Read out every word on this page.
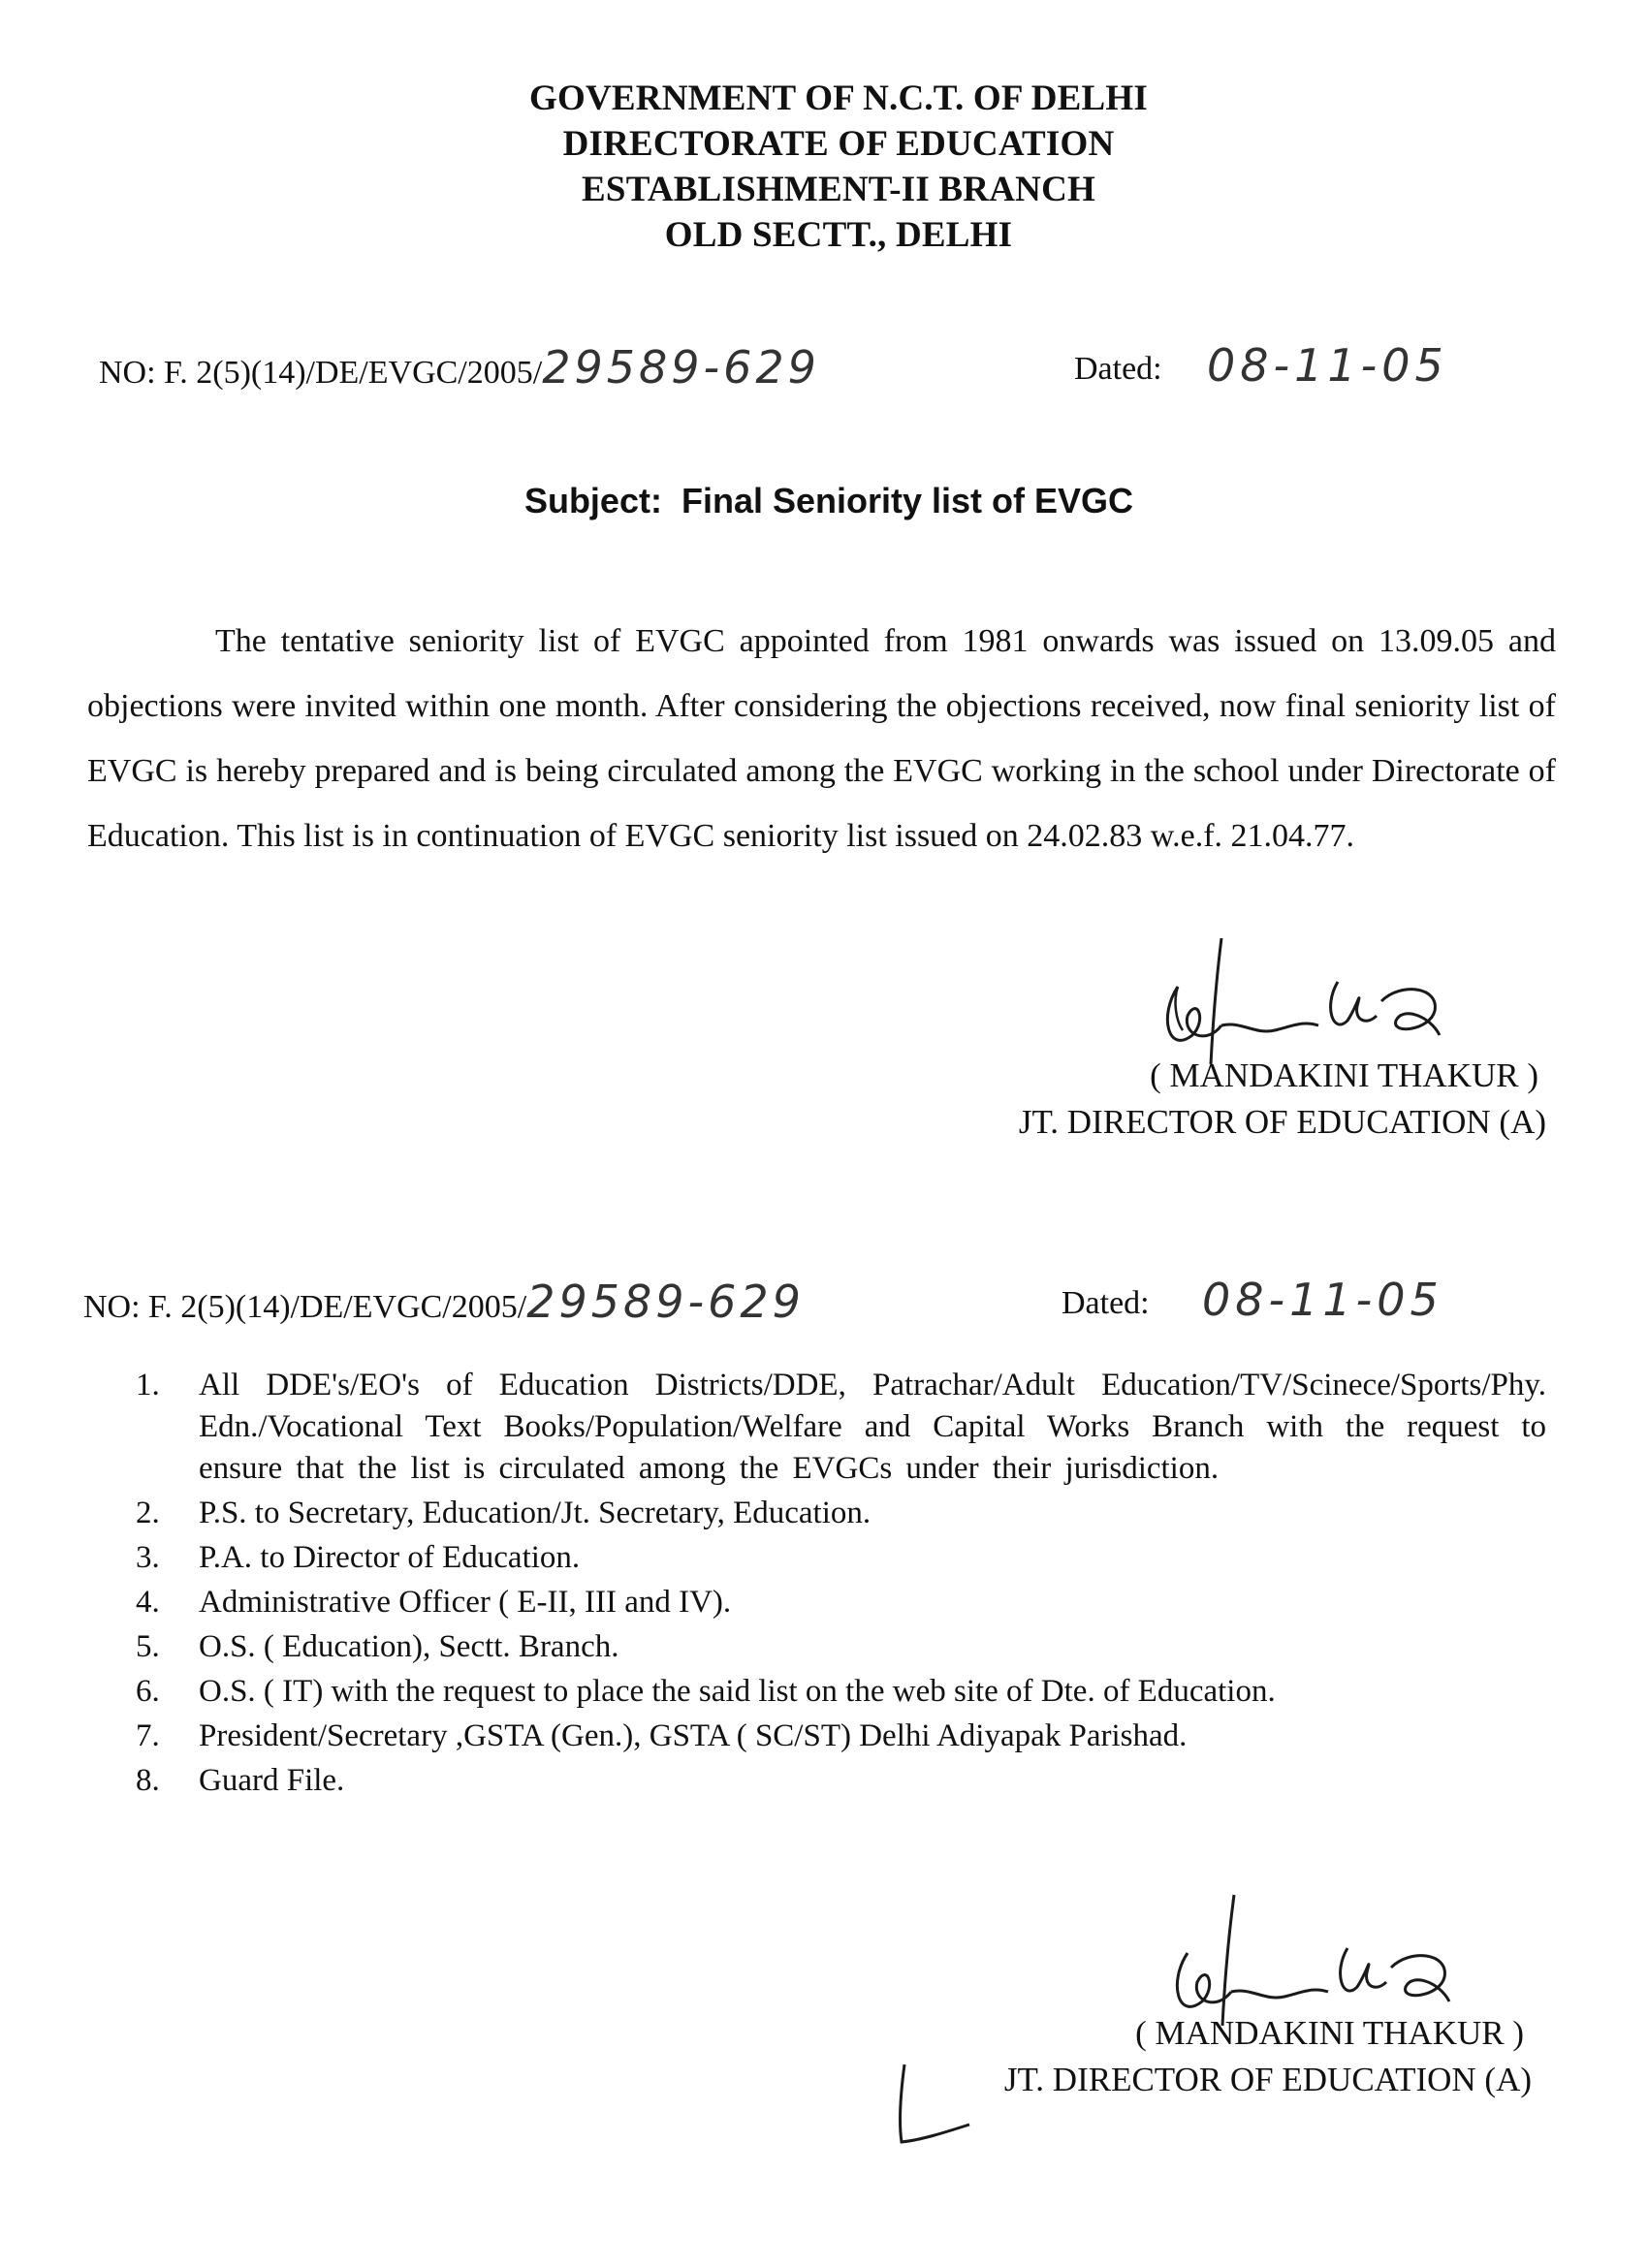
GOVERNMENT OF N.C.T. OF DELHI
DIRECTORATE OF EDUCATION
ESTABLISHMENT-II BRANCH
OLD SECTT., DELHI
NO: F. 2(5)(14)/DE/EVGC/2005/29589-629	Dated: 08-11-05
Subject: Final Seniority list of EVGC
The tentative seniority list of EVGC appointed from 1981 onwards was issued on 13.09.05 and objections were invited within one month. After considering the objections received, now final seniority list of EVGC is hereby prepared and is being circulated among the EVGC working in the school under Directorate of Education. This list is in continuation of EVGC seniority list issued on 24.02.83 w.e.f. 21.04.77.
( MANDAKINI THAKUR )
JT. DIRECTOR OF EDUCATION (A)
NO: F. 2(5)(14)/DE/EVGC/2005/29589-629	Dated: 08-11-05
1. All DDE's/EO's of Education Districts/DDE, Patrachar/Adult Education/TV/Scinece/Sports/Phy. Edn./Vocational Text Books/Population/Welfare and Capital Works Branch with the request to ensure that the list is circulated among the EVGCs under their jurisdiction.
2. P.S. to Secretary, Education/Jt. Secretary, Education.
3. P.A. to Director of Education.
4. Administrative Officer ( E-II, III and IV).
5. O.S. ( Education), Sectt. Branch.
6. O.S. ( IT) with the request to place the said list on the web site of Dte. of Education.
7. President/Secretary ,GSTA (Gen.), GSTA ( SC/ST) Delhi Adiyapak Parishad.
8. Guard File.
( MANDAKINI THAKUR )
JT. DIRECTOR OF EDUCATION (A)
